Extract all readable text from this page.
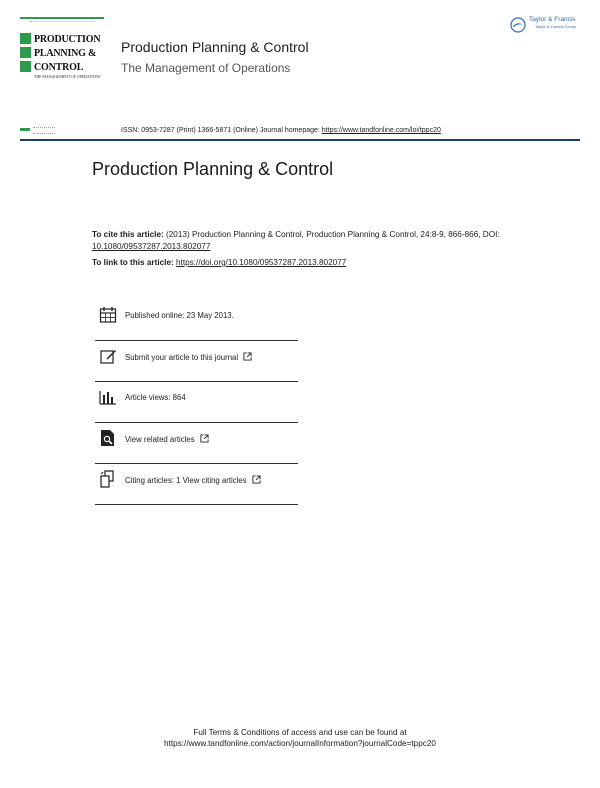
PRODUCTION
PLANNING &
CONTROL
THE MANAGEMENT OF OPERATIONS
Production Planning & Control
The Management of Operations
Taylor & Francis
Taylor & Francis Group
ISSN: 0953-7287 (Print) 1366-5871 (Online) Journal homepage: https://www.tandfonline.com/loi/tppc20
Production Planning & Control
To cite this article: (2013) Production Planning & Control, Production Planning & Control, 24:8-9, 866-866, DOI: 10.1080/09537287.2013.802077
To link to this article: https://doi.org/10.1080/09537287.2013.802077
Published online: 23 May 2013.
Submit your article to this journal
Article views: 864
View related articles
Citing articles: 1 View citing articles
Full Terms & Conditions of access and use can be found at
https://www.tandfonline.com/action/journalInformation?journalCode=tppc20
